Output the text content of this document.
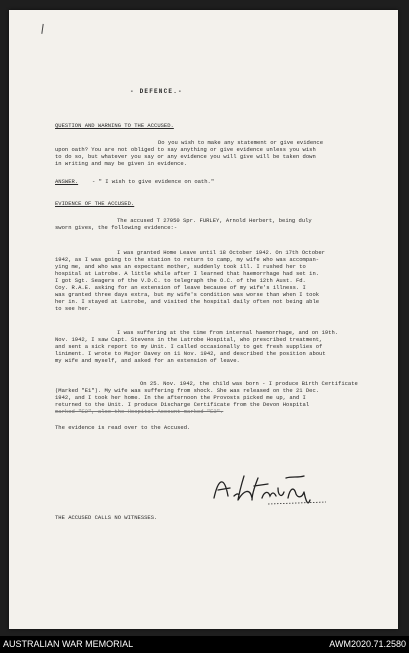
- DEFENCE.-
QUESTION AND WARNING TO THE ACCUSED.
Do you wish to make any statement or give evidence
upon oath? You are not obliged to say anything or give evidence unless you wish
to do so, but whatever you say or any evidence you will give will be taken down
in writing and may be given in evidence.
ANSWER.	- " I wish to give evidence on oath."
EVIDENCE OF THE ACCUSED.
The accused T 27950 Spr. FURLEY, Arnold Herbert, being duly
sworn gives, the following evidence:-
I was granted Home Leave until 18 October 1942. On 17th October
1942, as I was going to the station to return to camp, my wife who was accompan-
ying me, and who was an expectant mother, suddenly took ill. I rushed her to
hospital at Latrobe. A little while after I learned that haemorrhage had set in.
I got Sgt. Seagers of the V.D.C. to telegraph the O.C. of the 12th Aust. Fd.
Coy. R.A.E. asking for an extension of leave because of my wife's illness. I
was granted three days extra, but my wife's condition was worse than when I took
her in. I stayed at Latrobe, and visited the hospital daily often not being able
to see her.
I was suffering at the time from internal haemorrhage, and on 19th.
Nov. 1942, I saw Capt. Stevens in the Latrobe Hospital, who prescribed treatment,
and sent a sick report to my Unit. I called occasionally to get fresh supplies of
liniment. I wrote to Major Davey on 11 Nov. 1942, and described the position about
my wife and myself, and asked for an extension of leave.
On 25. Nov. 1942, the child was born - I produce Birth Certificate
(Marked "E1"). My wife was suffering from shock. She was released on the 21 Dec.
1942, and I took her home. In the afternoon the Provosts picked me up, and I
returned to the Unit. I produce Discharge Certificate from the Devon Hospital
marked "E2", also the Hospital Account marked "E3".
The evidence is read over to the Accused.
THE ACCUSED CALLS NO WITNESSES.
AUSTRALIAN WAR MEMORIAL	AWM2020.71.2580
